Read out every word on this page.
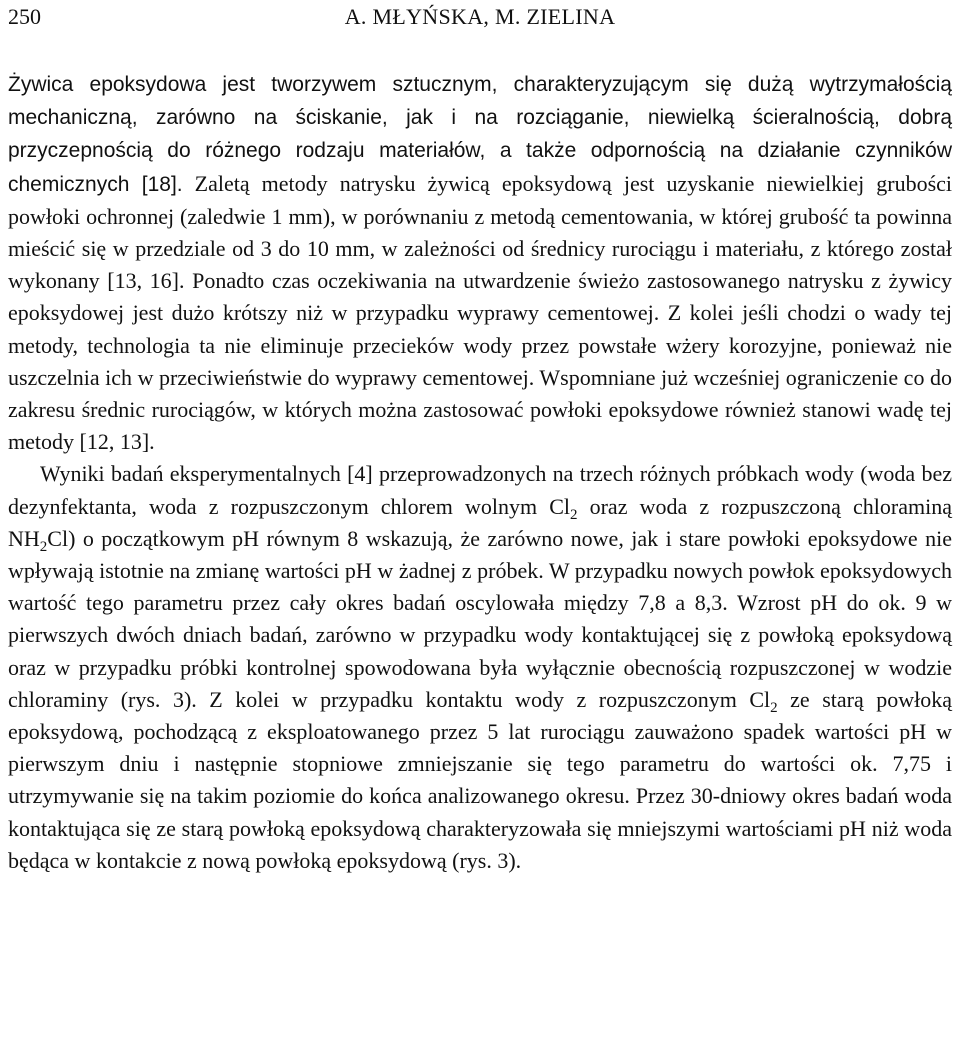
250	A. MŁYŃSKA, M. ZIELINA

Żywica epoksydowa jest tworzywem sztucznym, charakteryzującym się dużą wytrzymałością mechaniczną, zarówno na ściskanie, jak i na rozciąganie, niewielką ścieralnością, dobrą przyczepnością do różnego rodzaju materiałów, a także odpornością na działanie czynników chemicznych [18]. Zaletą metody natrysku żywicą epoksydową jest uzyskanie niewielkiej grubości powłoki ochronnej (zaledwie 1 mm), w porównaniu z metodą cementowania, w której grubość ta powinna mieścić się w przedziale od 3 do 10 mm, w zależności od średnicy rurociągu i materiału, z którego został wykonany [13, 16]. Ponadto czas oczekiwania na utwardzenie świeżo zastosowanego natrysku z żywicy epoksydowej jest dużo krótszy niż w przypadku wyprawy cementowej. Z kolei jeśli chodzi o wady tej metody, technologia ta nie eliminuje przecieków wody przez powstałe wżery korozyjne, ponieważ nie uszczelnia ich w przeciwieństwie do wyprawy cementowej. Wspomniane już wcześniej ograniczenie co do zakresu średnic rurociągów, w których można zastosować powłoki epoksydowe również stanowi wadę tej metody [12, 13].

Wyniki badań eksperymentalnych [4] przeprowadzonych na trzech różnych próbkach wody (woda bez dezynfektanta, woda z rozpuszczonym chlorem wolnym $Cl_2$ oraz woda z rozpuszczoną chloraminą $NH_2Cl$) o początkowym pH równym 8 wskazują, że zarówno nowe, jak i stare powłoki epoksydowe nie wpływają istotnie na zmianę wartości pH w żadnej z próbek. W przypadku nowych powłok epoksydowych wartość tego parametru przez cały okres badań oscylowała między 7,8 a 8,3. Wzrost pH do ok. 9 w pierwszych dwóch dniach badań, zarówno w przypadku wody kontaktującej się z powłoką epoksydową oraz w przypadku próbki kontrolnej spowodowana była wyłącznie obecnością rozpuszczonej w wodzie chloraminy (rys. 3). Z kolei w przypadku kontaktu wody z rozpuszczonym $Cl_2$ ze starą powłoką epoksydową, pochodzącą z eksploatowanego przez 5 lat rurociągu zauważono spadek wartości pH w pierwszym dniu i następnie stopniowe zmniejszanie się tego parametru do wartości ok. 7,75 i utrzymywanie się na takim poziomie do końca analizowanego okresu. Przez 30-dniowy okres badań woda kontaktująca się ze starą powłoką epoksydową charakteryzowała się mniejszymi wartościami pH niż woda będąca w kontakcie z nową powłoką epoksydową (rys. 3).
